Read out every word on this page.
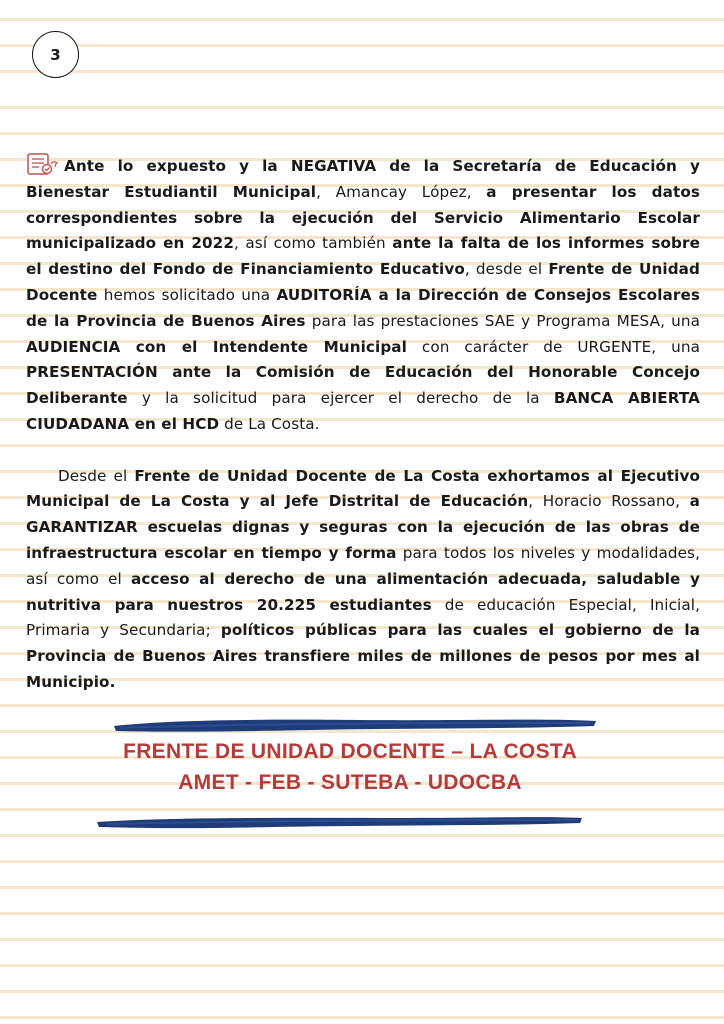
3

Ante lo expuesto y la NEGATIVA de la Secretaría de Educación y Bienestar Estudiantil Municipal, Amancay López, a presentar los datos correspondientes sobre la ejecución del Servicio Alimentario Escolar municipalizado en 2022, así como también ante la falta de los informes sobre el destino del Fondo de Financiamiento Educativo, desde el Frente de Unidad Docente hemos solicitado una AUDITORÍA a la Dirección de Consejos Escolares de la Provincia de Buenos Aires para las prestaciones SAE y Programa MESA, una AUDIENCIA con el Intendente Municipal con carácter de URGENTE, una PRESENTACIÓN ante la Comisión de Educación del Honorable Concejo Deliberante y la solicitud para ejercer el derecho de la BANCA ABIERTA CIUDADANA en el HCD de La Costa.

Desde el Frente de Unidad Docente de La Costa exhortamos al Ejecutivo Municipal de La Costa y al Jefe Distrital de Educación, Horacio Rossano, a GARANTIZAR escuelas dignas y seguras con la ejecución de las obras de infraestructura escolar en tiempo y forma para todos los niveles y modalidades, así como el acceso al derecho de una alimentación adecuada, saludable y nutritiva para nuestros 20.225 estudiantes de educación Especial, Inicial, Primaria y Secundaria; políticos públicas para las cuales el gobierno de la Provincia de Buenos Aires transfiere miles de millones de pesos por mes al Municipio.

FRENTE DE UNIDAD DOCENTE – LA COSTA
AMET - FEB - SUTEBA - UDOCBA
